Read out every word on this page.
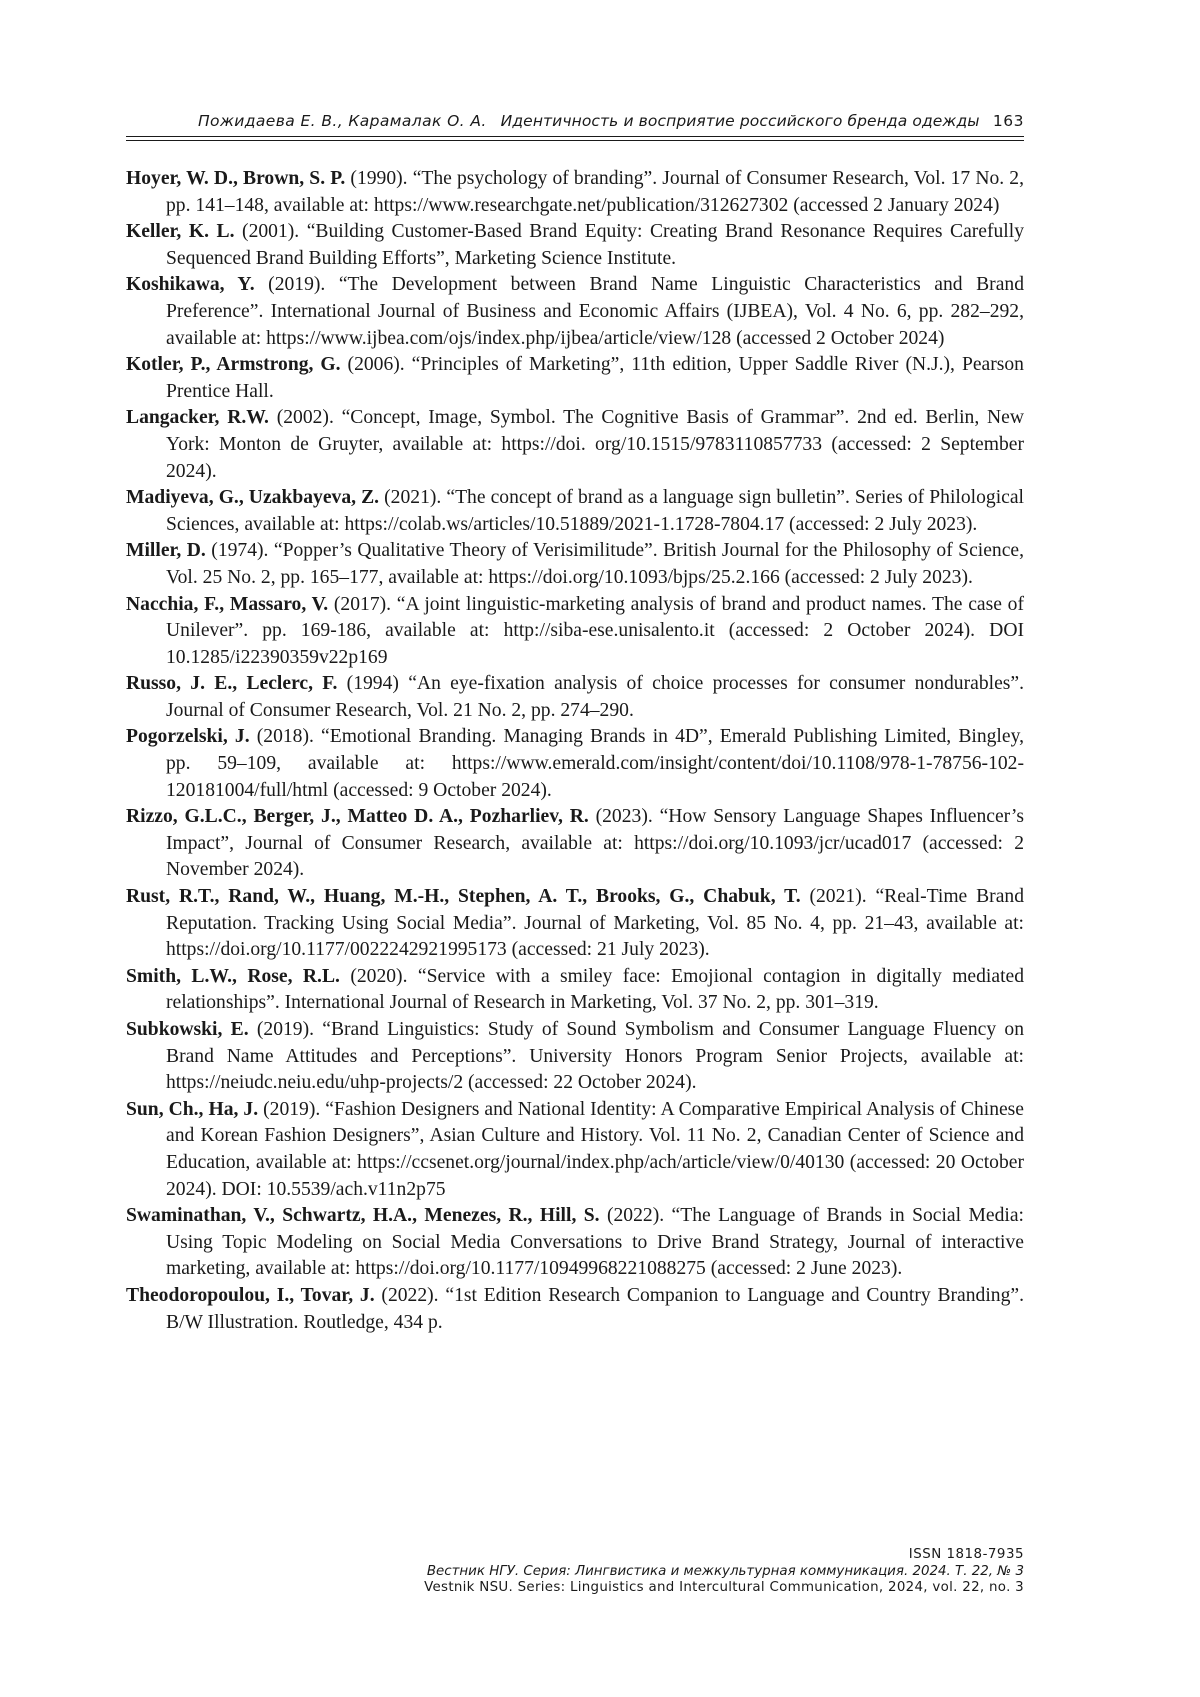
Пожидаева Е. В., Карамалак О. А. Идентичность и восприятие российского бренда одежды 163
Hoyer, W. D., Brown, S. P. (1990). “The psychology of branding”. Journal of Consumer Research, Vol. 17 No. 2, pp. 141–148, available at: https://www.researchgate.net/publication/312627302 (accessed 2 January 2024)
Keller, K. L. (2001). “Building Customer-Based Brand Equity: Creating Brand Resonance Requires Carefully Sequenced Brand Building Efforts”, Marketing Science Institute.
Koshikawa, Y. (2019). “The Development between Brand Name Linguistic Characteristics and Brand Preference”. International Journal of Business and Economic Affairs (IJBEA), Vol. 4 No. 6, pp. 282–292, available at: https://www.ijbea.com/ojs/index.php/ijbea/article/view/128 (accessed 2 October 2024)
Kotler, P., Armstrong, G. (2006). “Principles of Marketing”, 11th edition, Upper Saddle River (N.J.), Pearson Prentice Hall.
Langacker, R.W. (2002). “Concept, Image, Symbol. The Cognitive Basis of Grammar”. 2nd ed. Berlin, New York: Monton de Gruyter, available at: https://doi. org/10.1515/9783110857733 (accessed: 2 September 2024).
Madiyeva, G., Uzakbayeva, Z. (2021). “The concept of brand as a language sign bulletin”. Series of Philological Sciences, available at: https://colab.ws/articles/10.51889/2021-1.1728-7804.17 (accessed: 2 July 2023).
Miller, D. (1974). “Popper’s Qualitative Theory of Verisimilitude”. British Journal for the Philosophy of Science, Vol. 25 No. 2, pp. 165–177, available at: https://doi.org/10.1093/bjps/25.2.166 (accessed: 2 July 2023).
Nacchia, F., Massaro, V. (2017). “A joint linguistic-marketing analysis of brand and product names. The case of Unilever”. pp. 169-186, available at: http://siba-ese.unisalento.it (accessed: 2 October 2024). DOI 10.1285/i22390359v22p169
Russo, J. E., Leclerc, F. (1994) “An eye-fixation analysis of choice processes for consumer nondurables”. Journal of Consumer Research, Vol. 21 No. 2, pp. 274–290.
Pogorzelski, J. (2018). “Emotional Branding. Managing Brands in 4D”, Emerald Publishing Limited, Bingley, pp. 59–109, available at: https://www.emerald.com/insight/content/doi/10.1108/978-1-78756-102-120181004/full/html (accessed: 9 October 2024).
Rizzo, G.L.C., Berger, J., Matteo D. A., Pozharliev, R. (2023). “How Sensory Language Shapes Influencer’s Impact”, Journal of Consumer Research, available at: https://doi.org/10.1093/jcr/ucad017 (accessed: 2 November 2024).
Rust, R.T., Rand, W., Huang, M.-H., Stephen, A. T., Brooks, G., Chabuk, T. (2021). “Real-Time Brand Reputation. Tracking Using Social Media”. Journal of Marketing, Vol. 85 No. 4, pp. 21–43, available at: https://doi.org/10.1177/0022242921995173 (accessed: 21 July 2023).
Smith, L.W., Rose, R.L. (2020). “Service with a smiley face: Emojional contagion in digitally mediated relationships”. International Journal of Research in Marketing, Vol. 37 No. 2, pp. 301–319.
Subkowski, E. (2019). “Brand Linguistics: Study of Sound Symbolism and Consumer Language Fluency on Brand Name Attitudes and Perceptions”. University Honors Program Senior Projects, available at: https://neiudc.neiu.edu/uhp-projects/2 (accessed: 22 October 2024).
Sun, Ch., Ha, J. (2019). “Fashion Designers and National Identity: A Comparative Empirical Analysis of Chinese and Korean Fashion Designers”, Asian Culture and History. Vol. 11 No. 2, Canadian Center of Science and Education, available at: https://ccsenet.org/journal/index.php/ach/article/view/0/40130 (accessed: 20 October 2024). DOI: 10.5539/ach.v11n2p75
Swaminathan, V., Schwartz, H.A., Menezes, R., Hill, S. (2022). “The Language of Brands in Social Media: Using Topic Modeling on Social Media Conversations to Drive Brand Strategy, Journal of interactive marketing, available at: https://doi.org/10.1177/10949968221088275 (accessed: 2 June 2023).
Theodoropoulou, I., Tovar, J. (2022). “1st Edition Research Companion to Language and Country Branding”. B/W Illustration. Routledge, 434 p.
ISSN 1818-7935
Вестник НГУ. Серия: Лингвистика и межкультурная коммуникация. 2024. Т. 22, № 3
Vestnik NSU. Series: Linguistics and Intercultural Communication, 2024, vol. 22, no. 3
